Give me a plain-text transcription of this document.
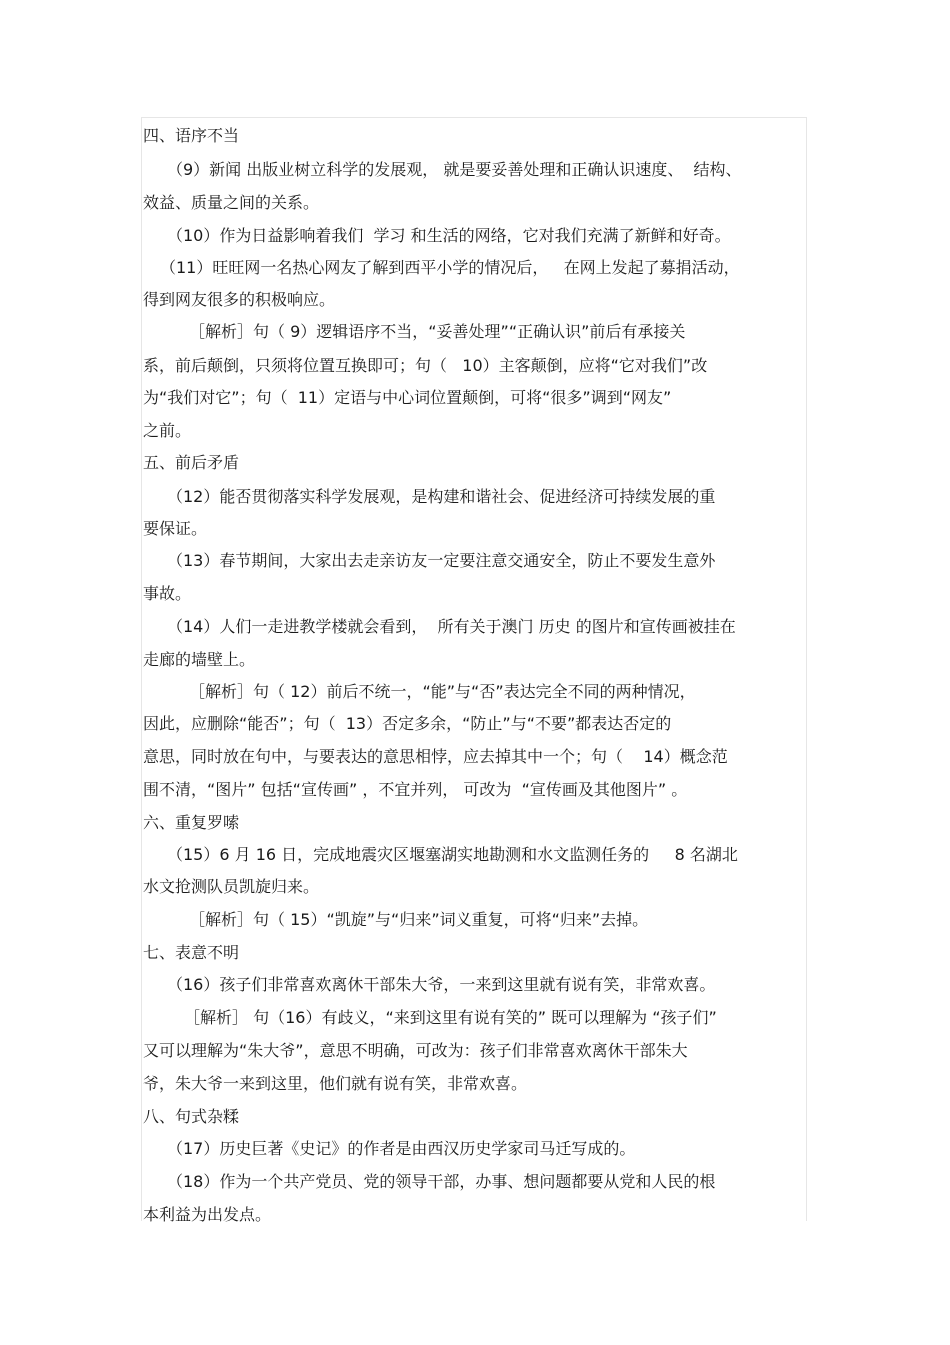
四、语序不当
（9）新闻 出版业树立科学的发展观， 就是要妥善处理和正确认识速度、  结构、
效益、质量之间的关系。
（10）作为日益影响着我们  学习 和生活的网络，它对我们充满了新鲜和好奇。
（11）旺旺网一名热心网友了解到西平小学的情况后，   在网上发起了募捐活动，
得到网友很多的积极响应。
［解析］句（ 9）逻辑语序不当，“妥善处理”“正确认识”前后有承接关
系，前后颠倒，只须将位置互换即可；句（   10）主客颠倒，应将“它对我们”改
为“我们对它”；句（  11）定语与中心词位置颠倒，可将“很多”调到“网友”
之前。
五、前后矛盾
（12）能否贯彻落实科学发展观，是构建和谐社会、促进经济可持续发展的重
要保证。
（13）春节期间，大家出去走亲访友一定要注意交通安全，防止不要发生意外
事故。
（14）人们一走进教学楼就会看到，  所有关于澳门 历史 的图片和宣传画被挂在
走廊的墙壁上。
［解析］句（ 12）前后不统一，“能”与“否”表达完全不同的两种情况，
因此，应删除“能否”；句（  13）否定多余，“防止”与“不要”都表达否定的
意思，同时放在句中，与要表达的意思相悖，应去掉其中一个；句（    14）概念范
围不清，“图片” 包括“宣传画” ，不宜并列， 可改为  “宣传画及其他图片” 。
六、重复罗嗦
（15）6 月 16 日，完成地震灾区堰塞湖实地勘测和水文监测任务的     8 名湖北
水文抢测队员凯旋归来。
［解析］句（ 15）“凯旋”与“归来”词义重复，可将“归来”去掉。
七、表意不明
（16）孩子们非常喜欢离休干部朱大爷，一来到这里就有说有笑，非常欢喜。
［解析］ 句（16）有歧义，“来到这里有说有笑的” 既可以理解为 “孩子们”
又可以理解为“朱大爷”，意思不明确，可改为：孩子们非常喜欢离休干部朱大
爷，朱大爷一来到这里，他们就有说有笑，非常欢喜。
八、句式杂糅
（17）历史巨著《史记》的作者是由西汉历史学家司马迁写成的。
（18）作为一个共产党员、党的领导干部，办事、想问题都要从党和人民的根
本利益为出发点。
